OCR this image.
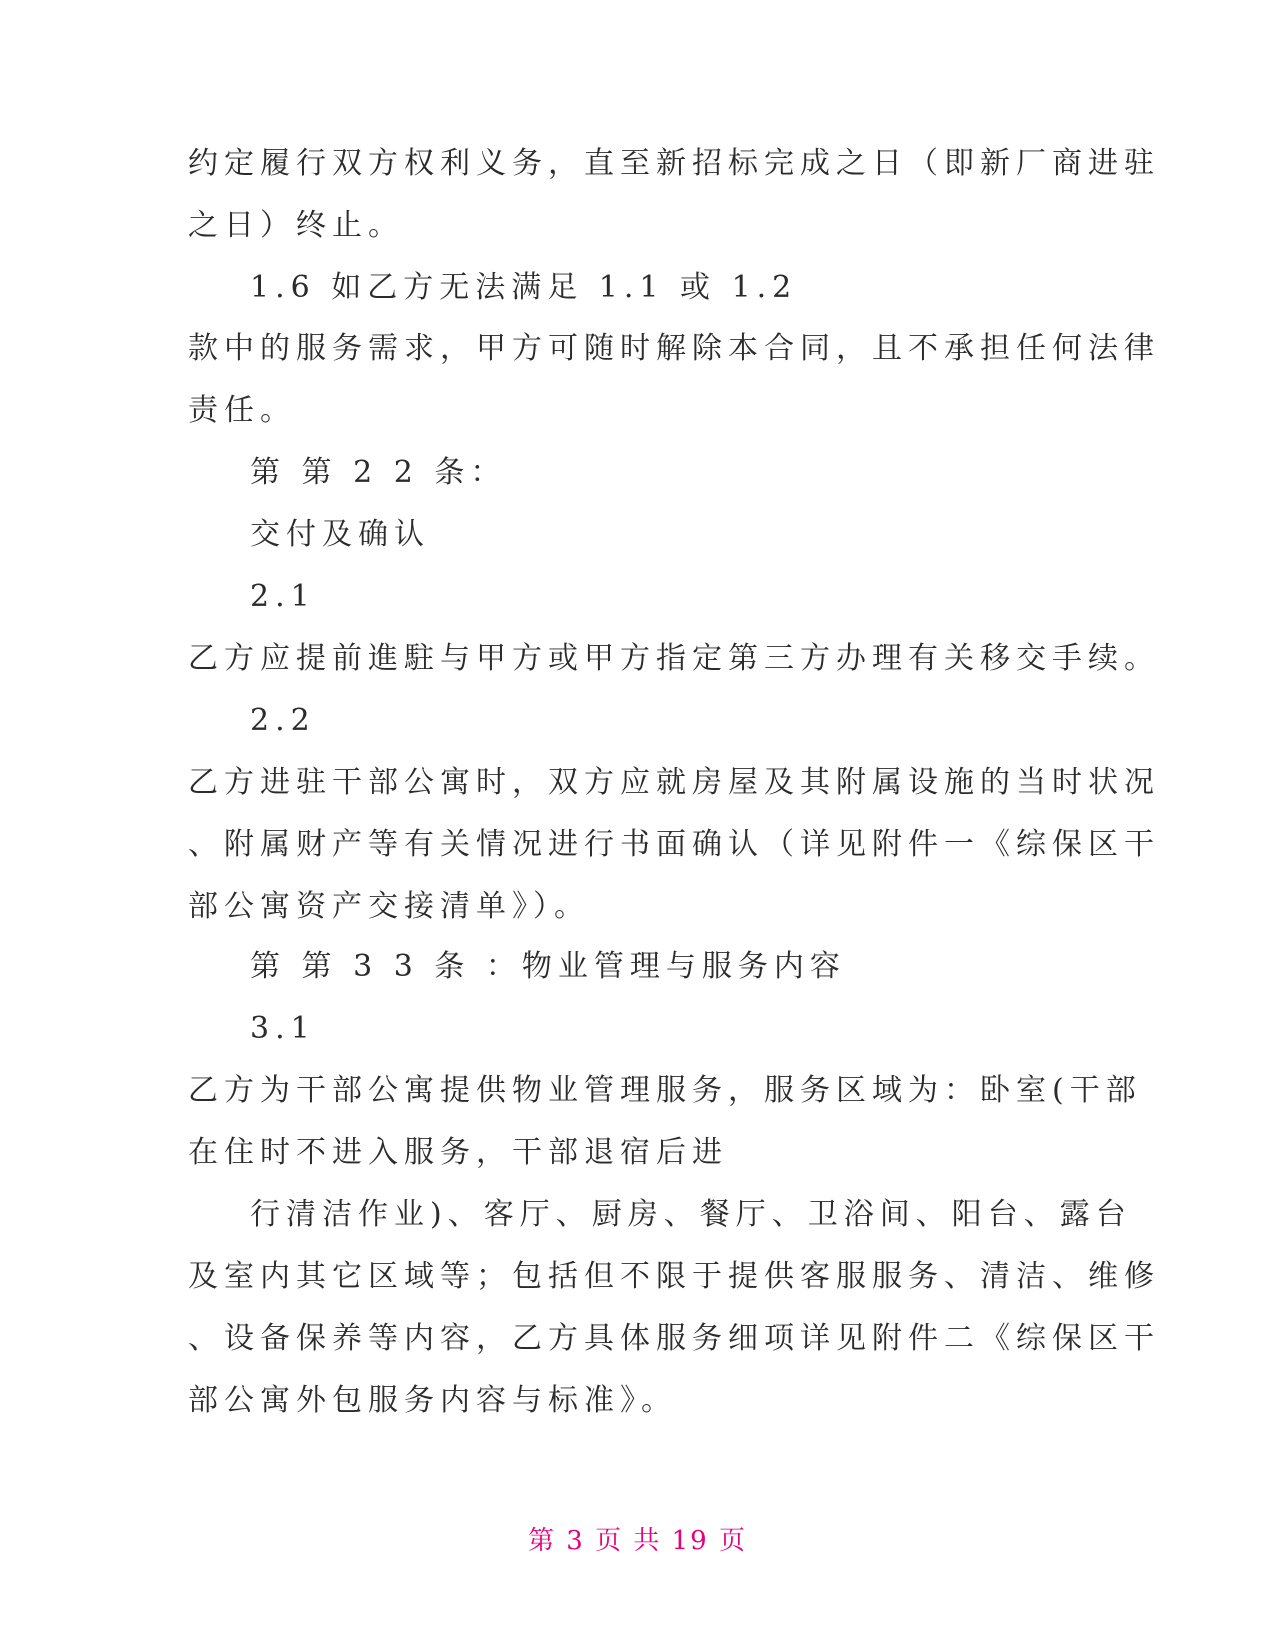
约定履行双方权利义务，直至新招标完成之日（即新厂商进驻
之日）终止。
1.6 如乙方无法满足 1.1 或 1.2
款中的服务需求，甲方可随时解除本合同，且不承担任何法律
责任。
第 第 2 2 条：
交付及确认
2.1
乙方应提前進駐与甲方或甲方指定第三方办理有关移交手续。
2.2
乙方进驻干部公寓时，双方应就房屋及其附属设施的当时状况
、附属财产等有关情况进行书面确认（详见附件一《综保区干
部公寓资产交接清单》）。
第 第 3 3 条 ：物业管理与服务内容
3.1
乙方为干部公寓提供物业管理服务，服务区域为：卧室(干部
在住时不进入服务，干部退宿后进
行清洁作业)、客厅、厨房、餐厅、卫浴间、阳台、露台
及室内其它区域等；包括但不限于提供客服服务、清洁、维修
、设备保养等内容，乙方具体服务细项详见附件二《综保区干
部公寓外包服务内容与标准》。
第 3 页 共 19 页
